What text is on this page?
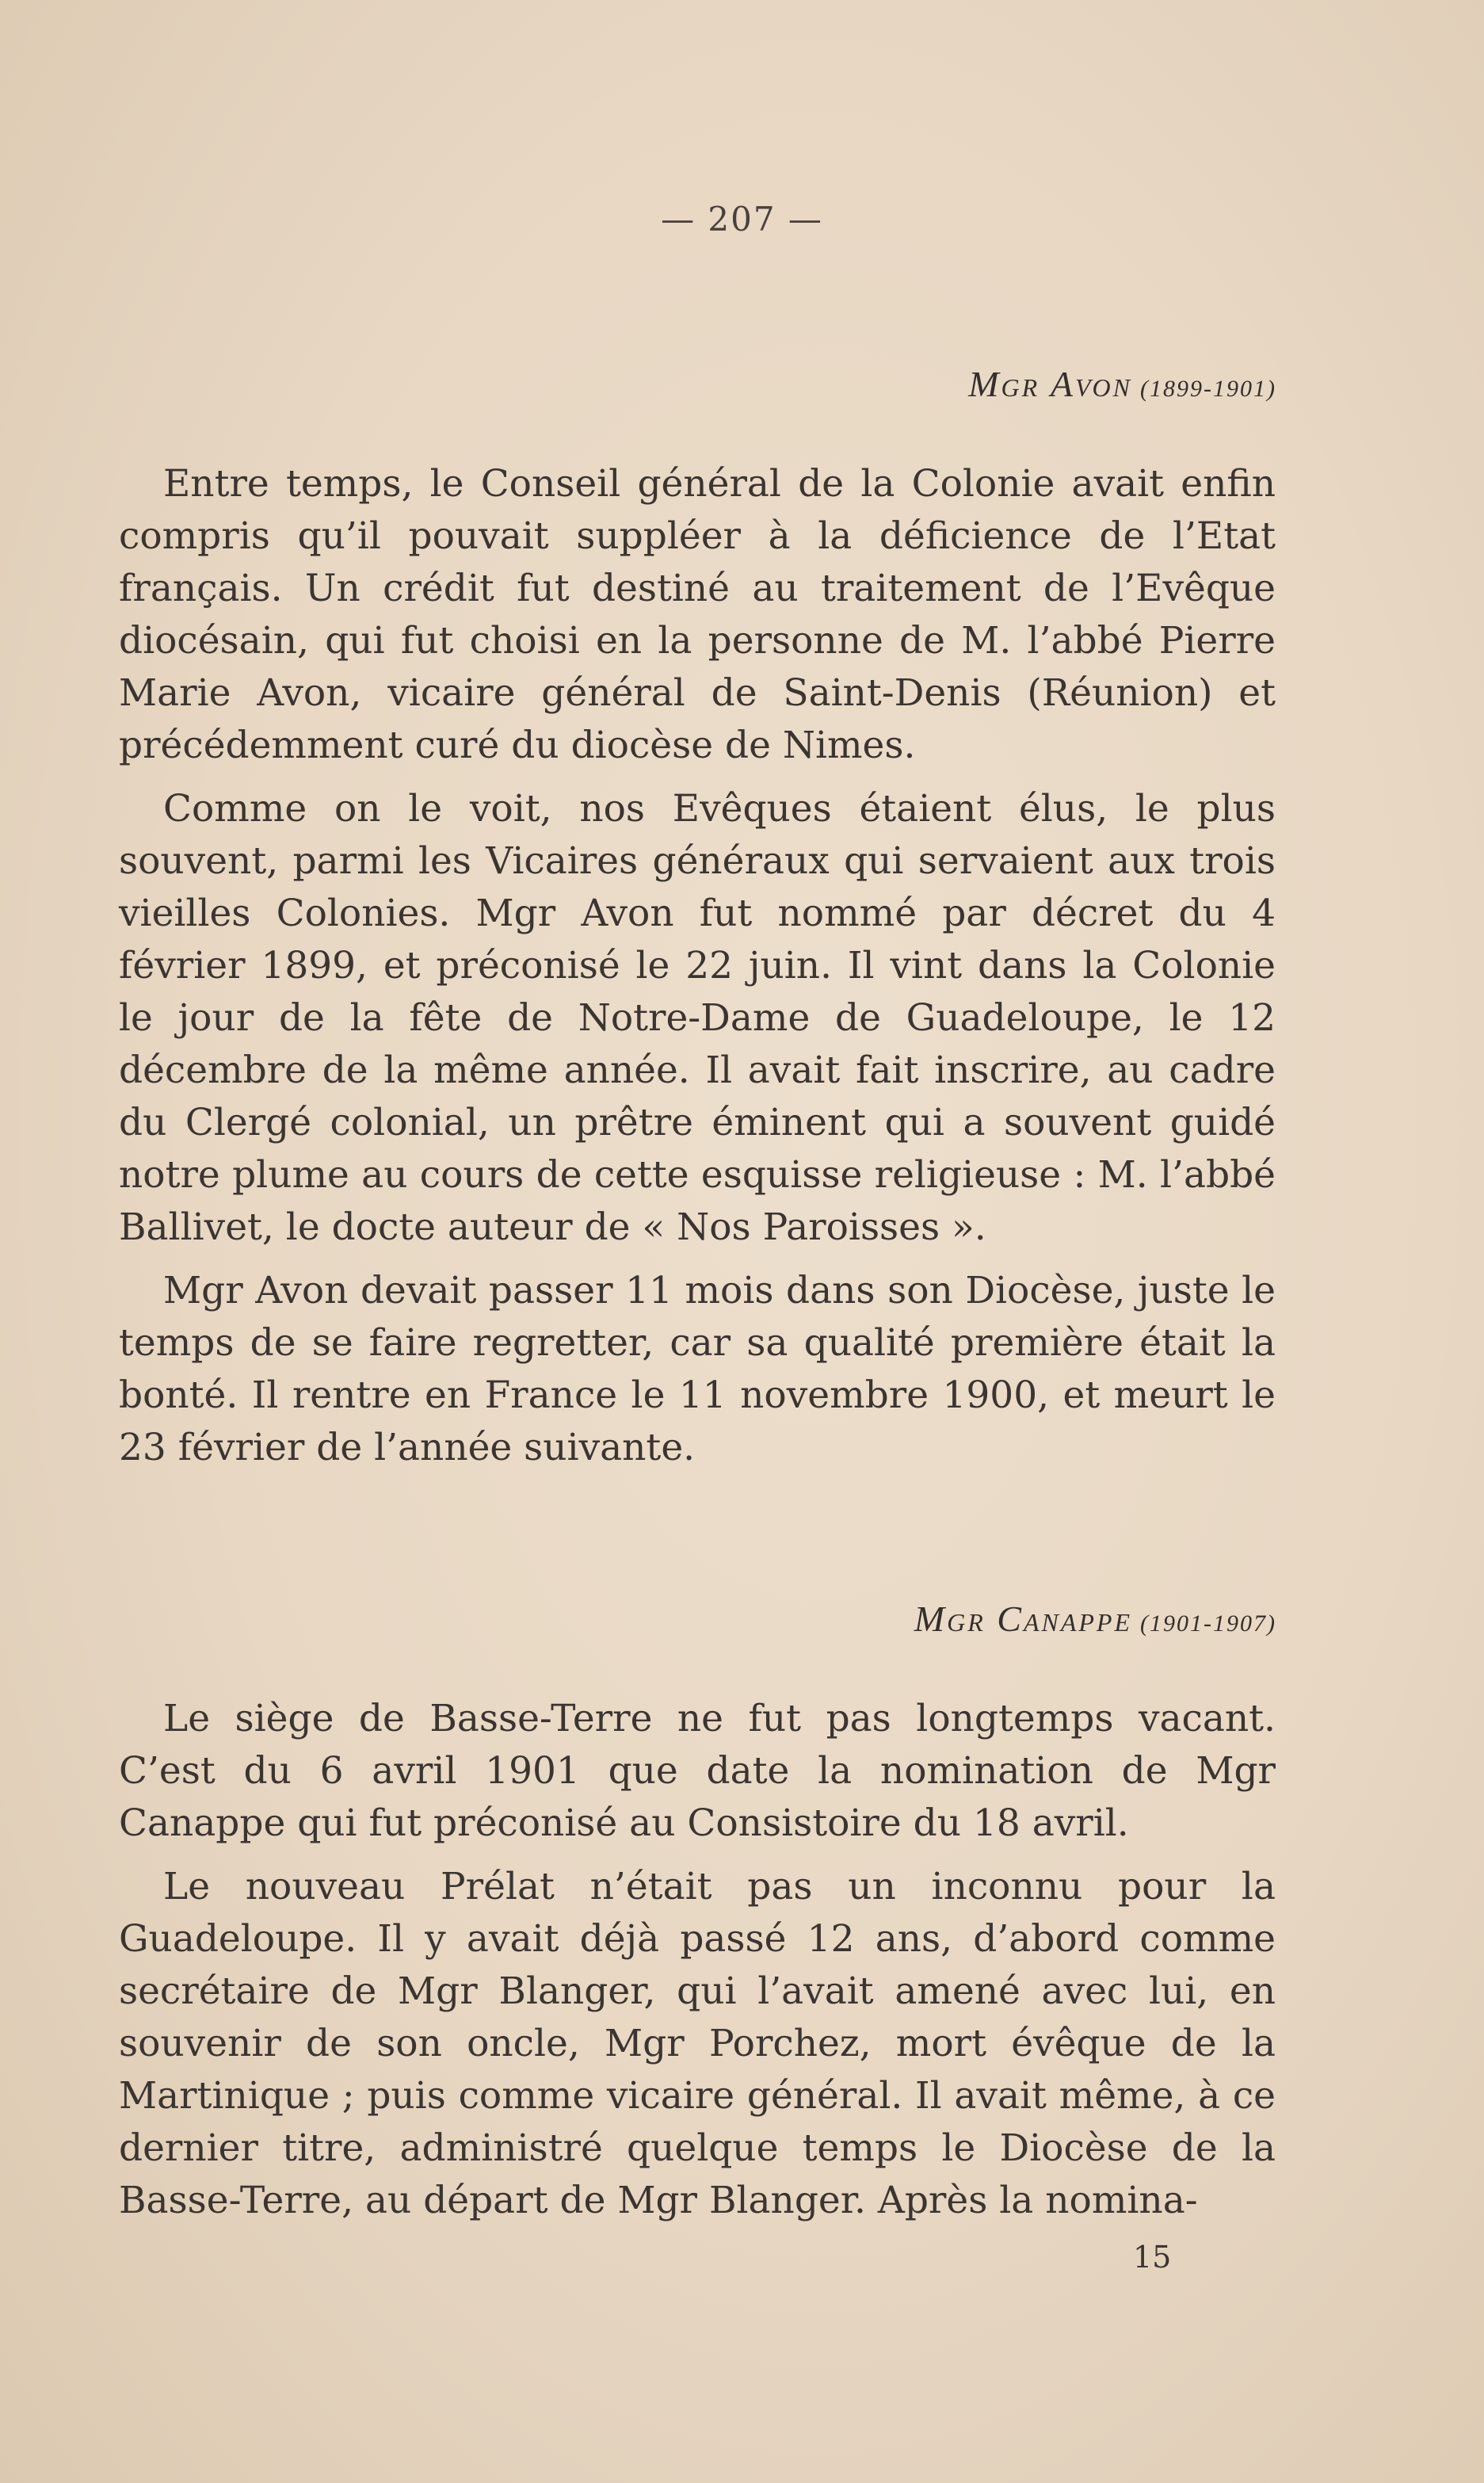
— 207 —
Mgr Avon (1899-1901)

Entre temps, le Conseil général de la Colonie avait enfin compris qu’il pouvait suppléer à la déficience de l’Etat français. Un crédit fut destiné au traitement de l’Evêque diocésain, qui fut choisi en la personne de M. l’abbé Pierre Marie Avon, vicaire général de Saint-Denis (Réunion) et précédemment curé du diocèse de Nimes.

Comme on le voit, nos Evêques étaient élus, le plus souvent, parmi les Vicaires généraux qui servaient aux trois vieilles Colonies. Mgr Avon fut nommé par décret du 4 février 1899, et préconisé le 22 juin. Il vint dans la Colonie le jour de la fête de Notre-Dame de Guadeloupe, le 12 décembre de la même année. Il avait fait inscrire, au cadre du Clergé colonial, un prêtre éminent qui a souvent guidé notre plume au cours de cette esquisse religieuse : M. l’abbé Ballivet, le docte auteur de « Nos Paroisses ».

Mgr Avon devait passer 11 mois dans son Diocèse, juste le temps de se faire regretter, car sa qualité première était la bonté. Il rentre en France le 11 novembre 1900, et meurt le 23 février de l’année suivante.

Mgr Canappe (1901-1907)

Le siège de Basse-Terre ne fut pas longtemps vacant. C’est du 6 avril 1901 que date la nomination de Mgr Canappe qui fut préconisé au Consistoire du 18 avril.

Le nouveau Prélat n’était pas un inconnu pour la Guadeloupe. Il y avait déjà passé 12 ans, d’abord comme secrétaire de Mgr Blanger, qui l’avait amené avec lui, en souvenir de son oncle, Mgr Porchez, mort évêque de la Martinique ; puis comme vicaire général. Il avait même, à ce dernier titre, administré quelque temps le Diocèse de la Basse-Terre, au départ de Mgr Blanger. Après la nomina-

15
